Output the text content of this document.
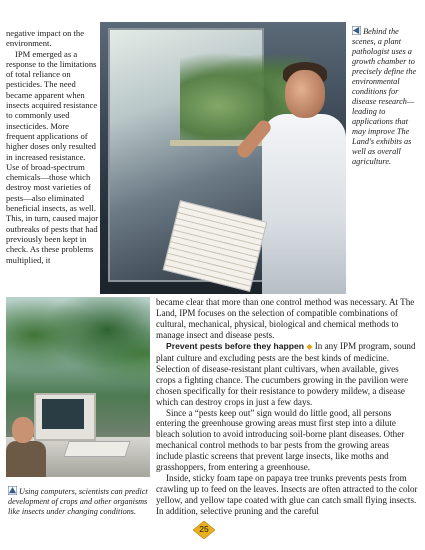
negative impact on the environment.

IPM emerged as a response to the limitations of total reliance on pesticides. The need became apparent when insects acquired resistance to commonly used insecticides. More frequent applications of higher doses only resulted in increased resistance. Use of broad-spectrum chemicals—those which destroy most varieties of pests—also eliminated beneficial insects, as well. This, in turn, caused major outbreaks of pests that had previously been kept in check. As these problems multiplied, it

Behind the scenes, a plant pathologist uses a growth chamber to precisely define the environmental conditions for disease research—leading to applications that may improve The Land's exhibits as well as overall agriculture.
Using computers, scientists can predict development of crops and other organisms like insects under changing conditions.

became clear that more than one control method was necessary. At The Land, IPM focuses on the selection of compatible combinations of cultural, mechanical, physical, biological and chemical methods to manage insect and disease pests.

Prevent pests before they happen ◆ In any IPM program, sound plant culture and excluding pests are the best kinds of medicine. Selection of disease-resistant plant cultivars, when available, gives crops a fighting chance. The cucumbers growing in the pavilion were chosen specifically for their resistance to powdery mildew, a disease which can destroy crops in just a few days.

Since a “pests keep out” sign would do little good, all persons entering the greenhouse growing areas must first step into a dilute bleach solution to avoid introducing soil-borne plant diseases. Other mechanical control methods to bar pests from the growing areas include plastic screens that prevent large insects, like moths and grasshoppers, from entering a greenhouse.

Inside, sticky foam tape on papaya tree trunks prevents pests from crawling up to feed on the leaves. Insects are often attracted to the color yellow, and yellow tape coated with glue can catch small flying insects. In addition, selective pruning and the careful

25
